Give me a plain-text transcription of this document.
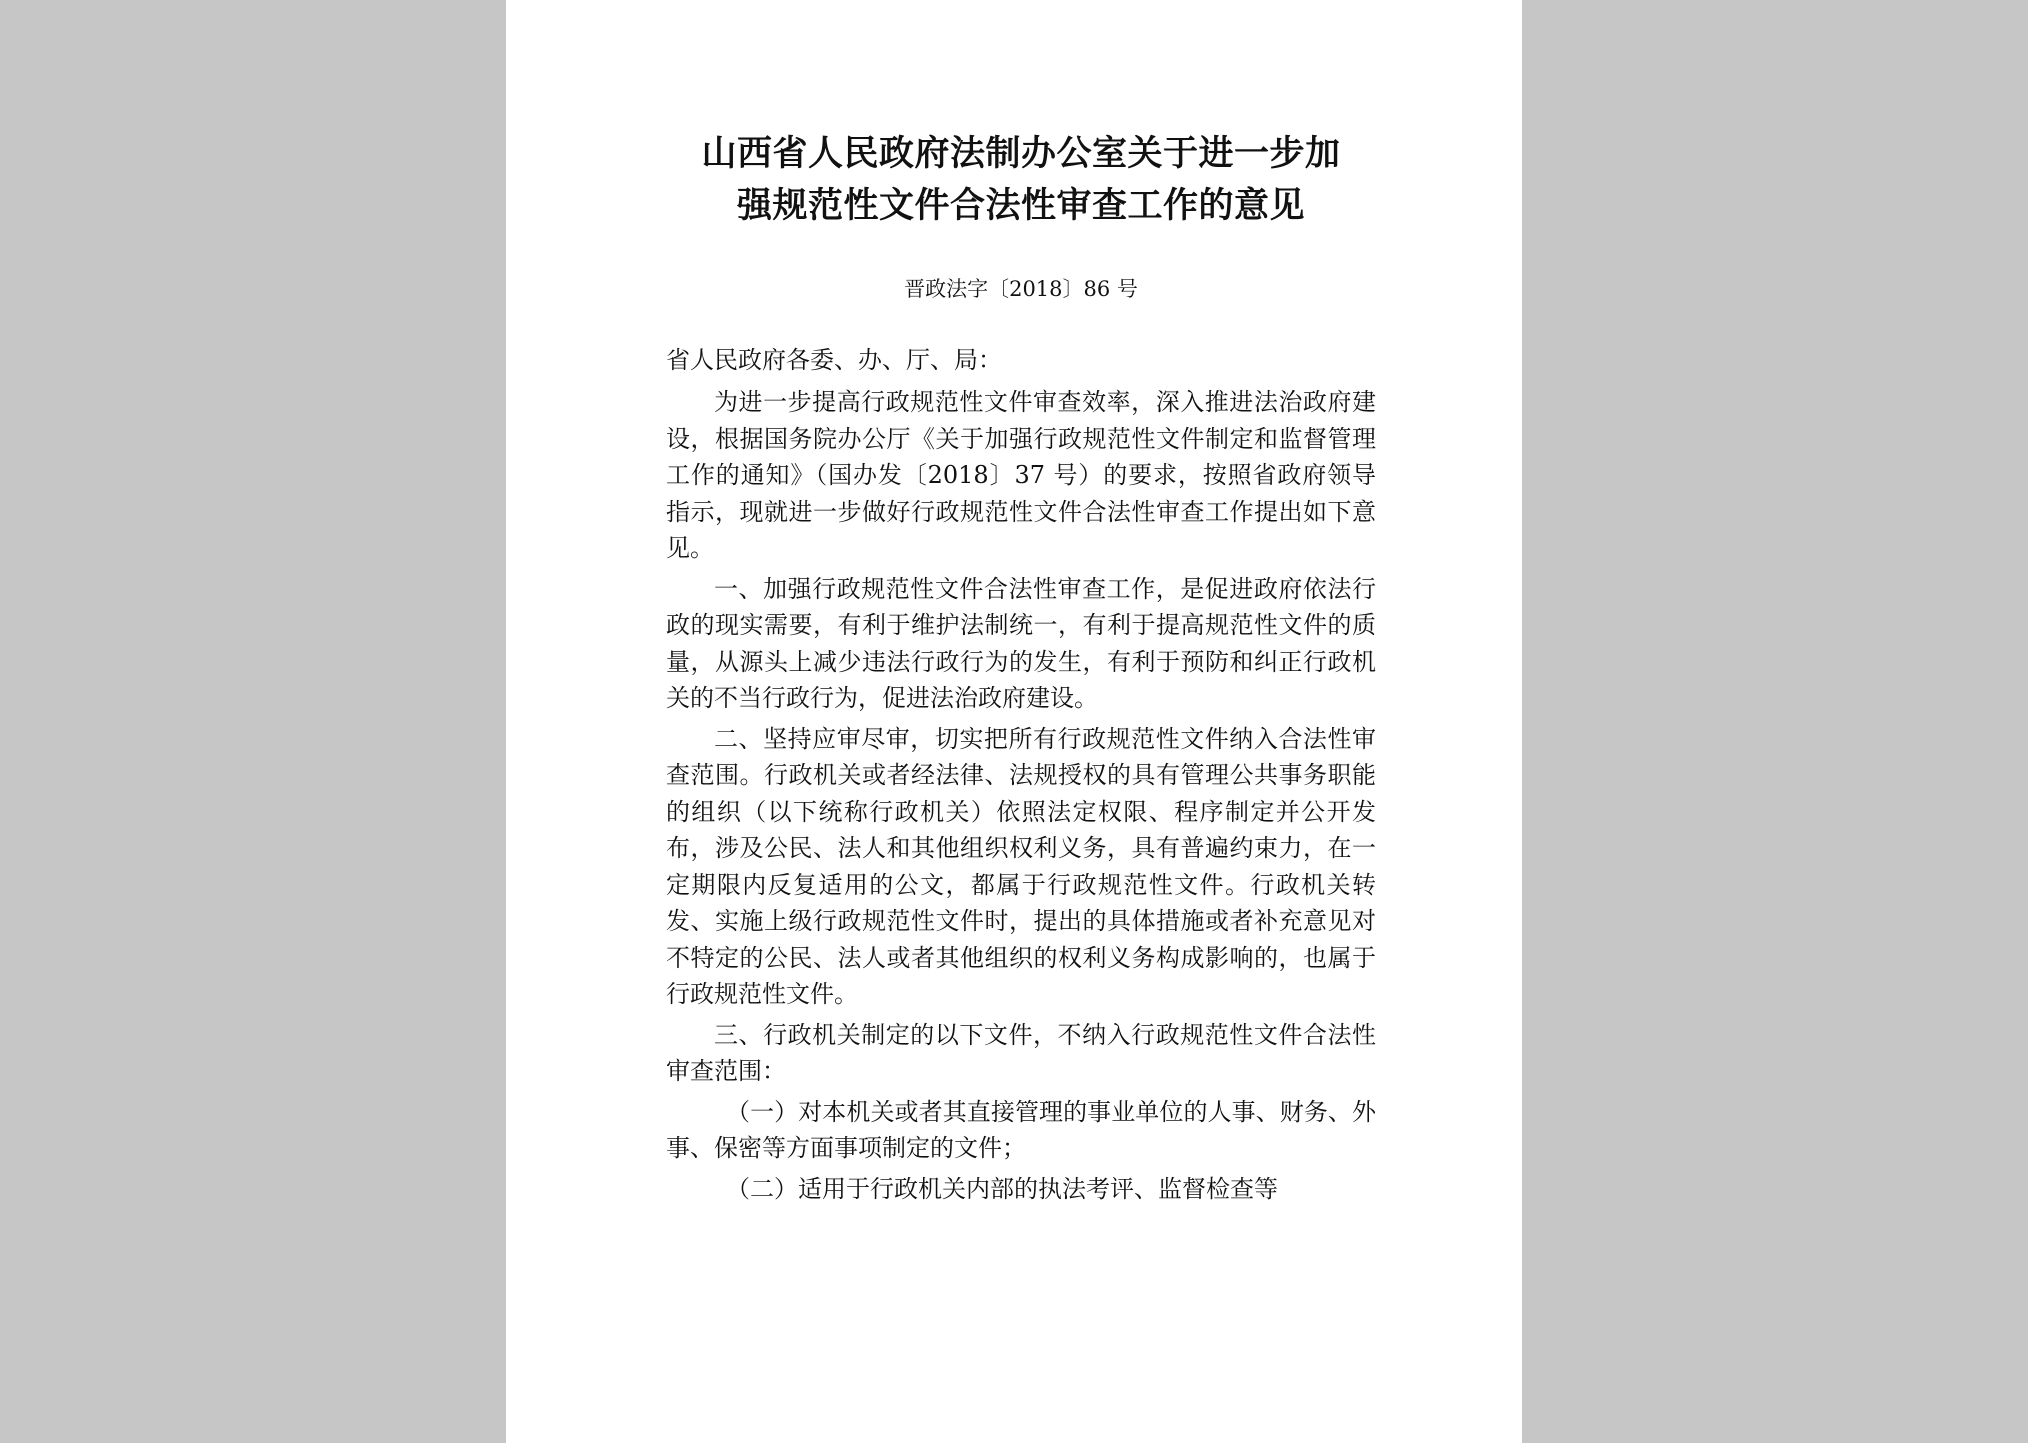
山西省人民政府法制办公室关于进一步加
强规范性文件合法性审查工作的意见
晋政法字〔2018〕86 号

省人民政府各委、办、厅、局：

为进一步提高行政规范性文件审查效率，深入推进法治政府建设，根据国务院办公厅《关于加强行政规范性文件制定和监督管理工作的通知》（国办发〔2018〕37 号）的要求，按照省政府领导指示，现就进一步做好行政规范性文件合法性审查工作提出如下意见。

一、加强行政规范性文件合法性审查工作，是促进政府依法行政的现实需要，有利于维护法制统一，有利于提高规范性文件的质量，从源头上减少违法行政行为的发生，有利于预防和纠正行政机关的不当行政行为，促进法治政府建设。

二、坚持应审尽审，切实把所有行政规范性文件纳入合法性审查范围。行政机关或者经法律、法规授权的具有管理公共事务职能的组织（以下统称行政机关）依照法定权限、程序制定并公开发布，涉及公民、法人和其他组织权利义务，具有普遍约束力，在一定期限内反复适用的公文，都属于行政规范性文件。行政机关转发、实施上级行政规范性文件时，提出的具体措施或者补充意见对不特定的公民、法人或者其他组织的权利义务构成影响的，也属于行政规范性文件。

三、行政机关制定的以下文件，不纳入行政规范性文件合法性审查范围：

（一）对本机关或者其直接管理的事业单位的人事、财务、外事、保密等方面事项制定的文件；

（二）适用于行政机关内部的执法考评、监督检查等
